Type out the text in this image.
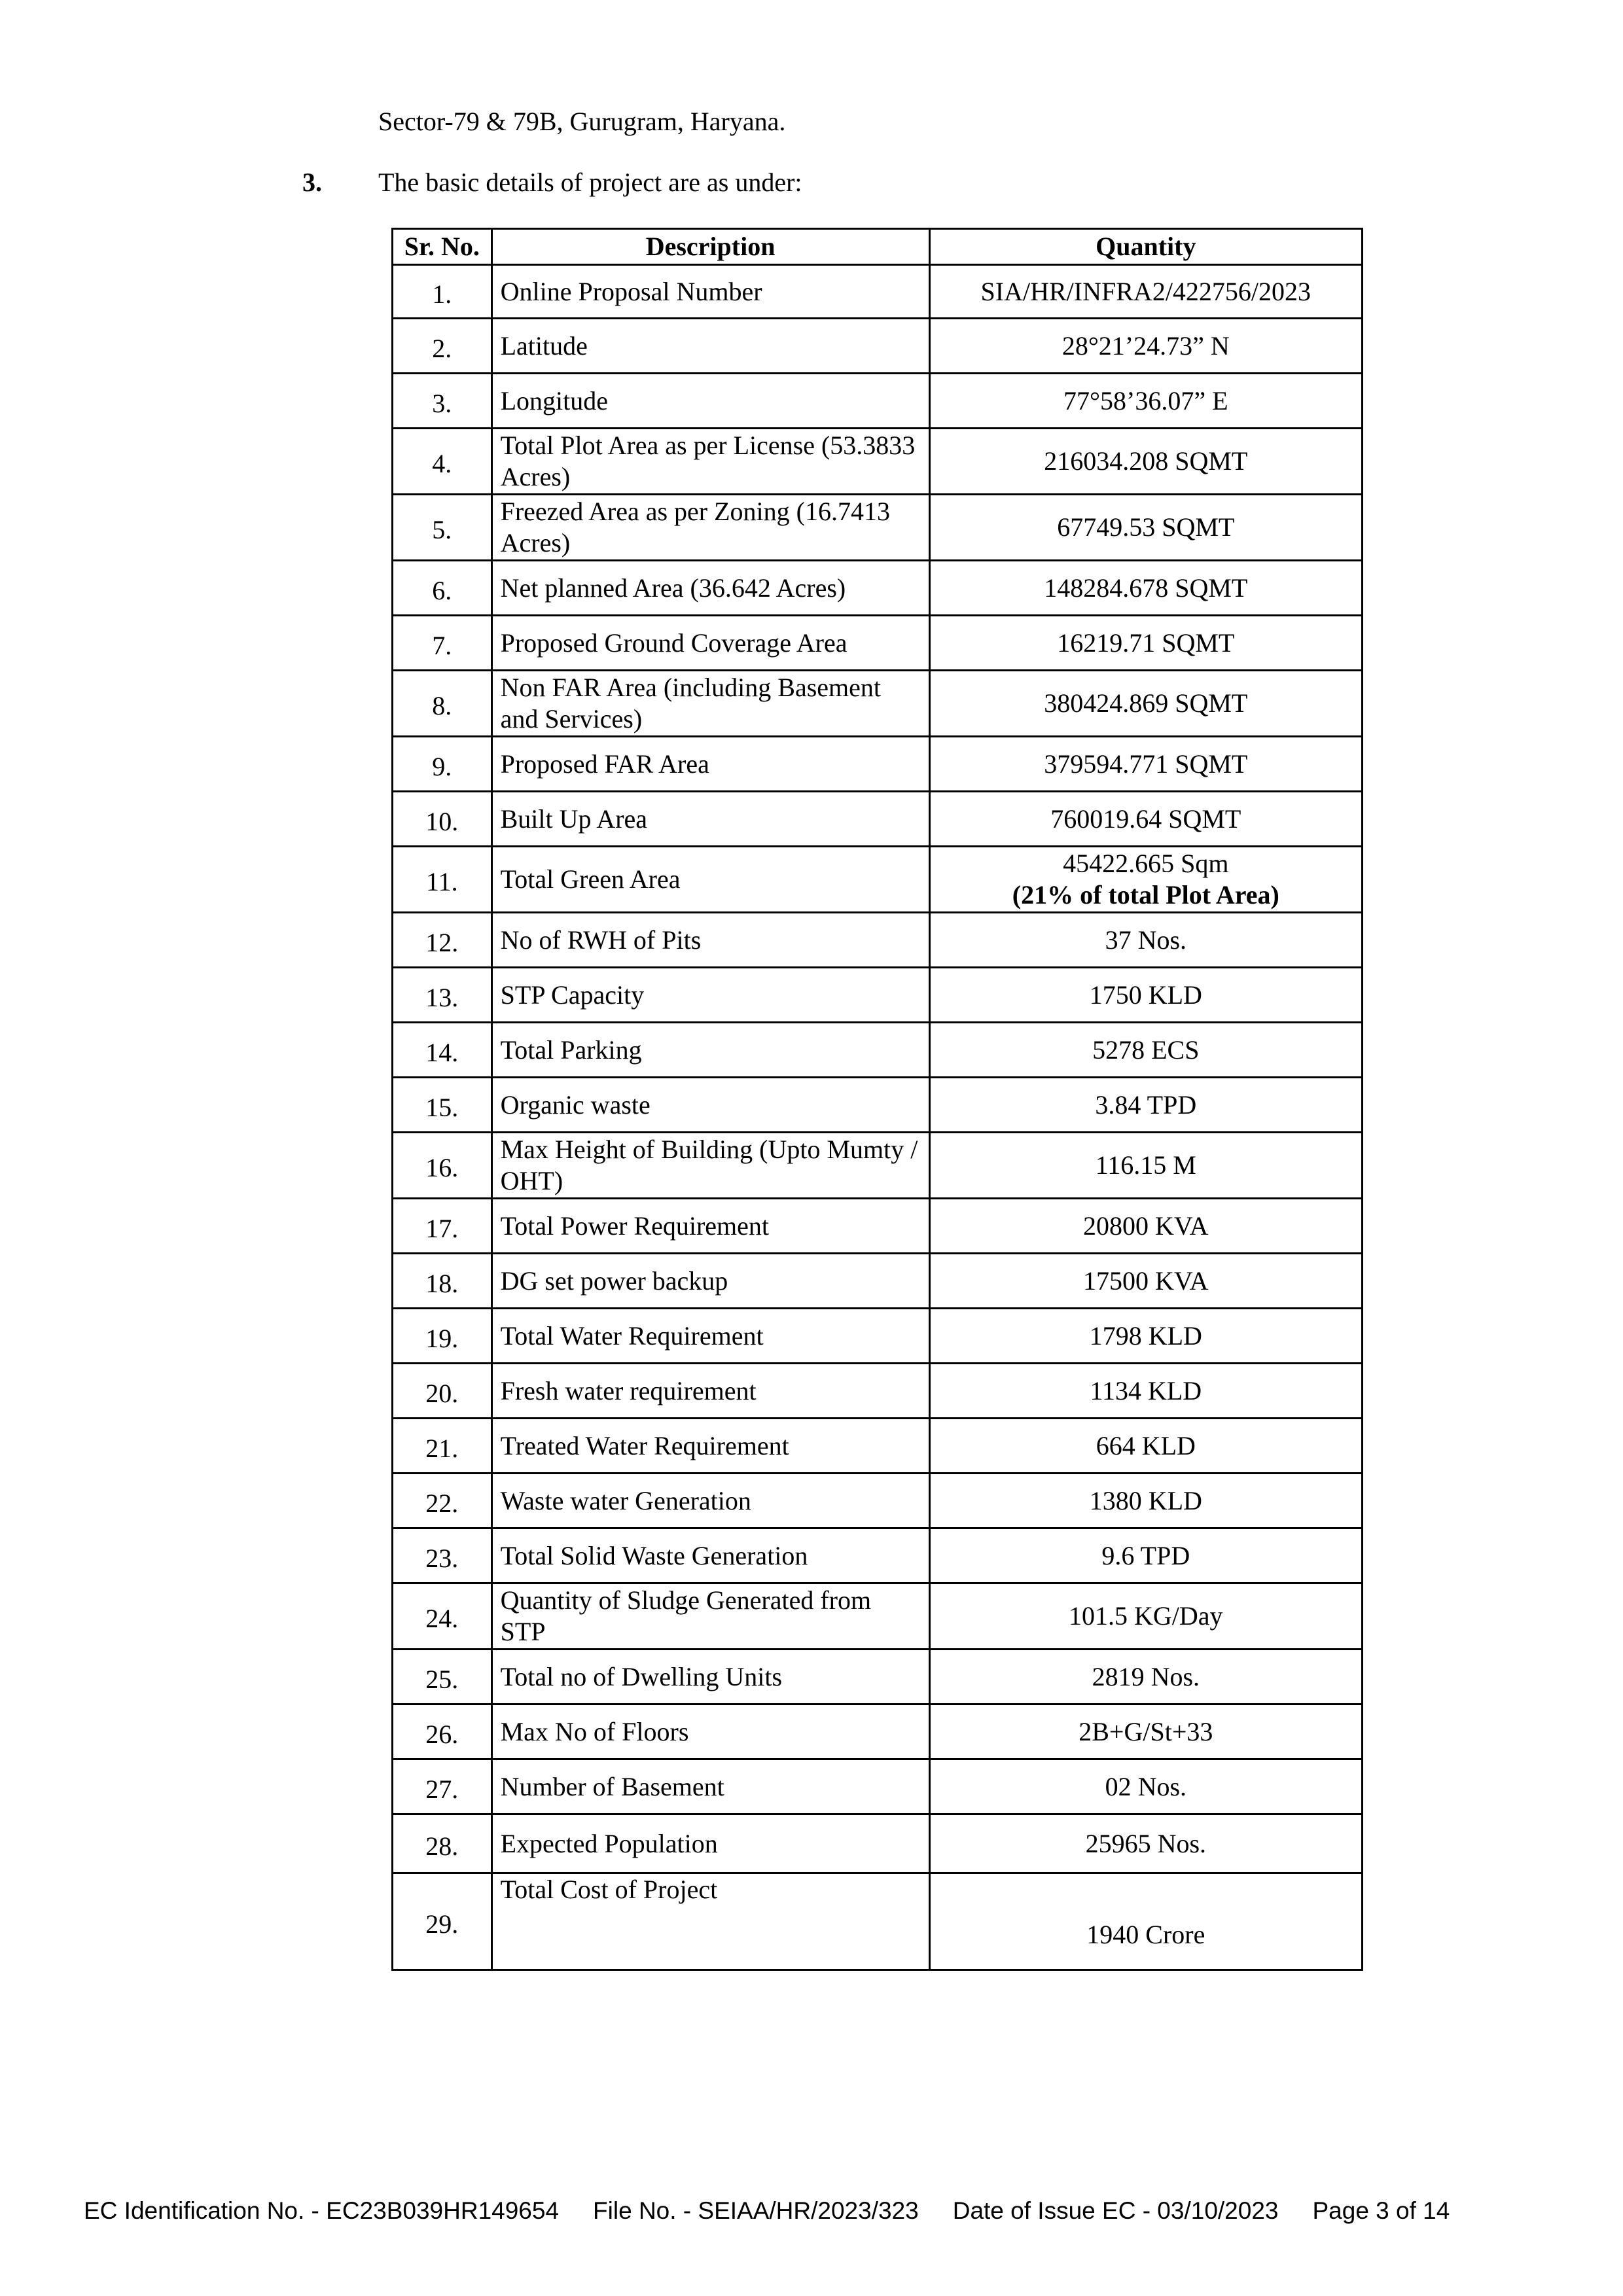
Sector-79 & 79B, Gurugram, Haryana.
3. The basic details of project are as under:
Sr. No.	Description	Quantity
1.	Online Proposal Number	SIA/HR/INFRA2/422756/2023
2.	Latitude	28°21’24.73” N
3.	Longitude	77°58’36.07” E
4.	Total Plot Area as per License (53.3833 Acres)	216034.208 SQMT
5.	Freezed Area as per Zoning (16.7413 Acres)	67749.53 SQMT
6.	Net planned Area (36.642 Acres)	148284.678 SQMT
7.	Proposed Ground Coverage Area	16219.71 SQMT
8.	Non FAR Area (including Basement and Services)	380424.869 SQMT
9.	Proposed FAR Area	379594.771 SQMT
10.	Built Up Area	760019.64 SQMT
11.	Total Green Area	45422.665 Sqm
(21% of total Plot Area)

12.	No of RWH of Pits	37 Nos.
13.	STP Capacity	1750 KLD
14.	Total Parking	5278 ECS
15.	Organic waste	3.84 TPD
16.	Max Height of Building (Upto Mumty / OHT)	116.15 M
17.	Total Power Requirement	20800 KVA
18.	DG set power backup	17500 KVA
19.	Total Water Requirement	1798 KLD
20.	Fresh water requirement	1134 KLD
21.	Treated Water Requirement	664 KLD
22.	Waste water Generation	1380 KLD
23.	Total Solid Waste Generation	9.6 TPD
24.	Quantity of Sludge Generated from STP	101.5 KG/Day
25.	Total no of Dwelling Units	2819 Nos.
26.	Max No of Floors	2B+G/St+33
27.	Number of Basement	02 Nos.
28.	Expected Population	25965 Nos.
29.	Total Cost of Project	1940 Crore
EC Identification No. - EC23B039HR149654 File No. - SEIAA/HR/2023/323 Date of Issue EC - 03/10/2023 Page 3 of 14
